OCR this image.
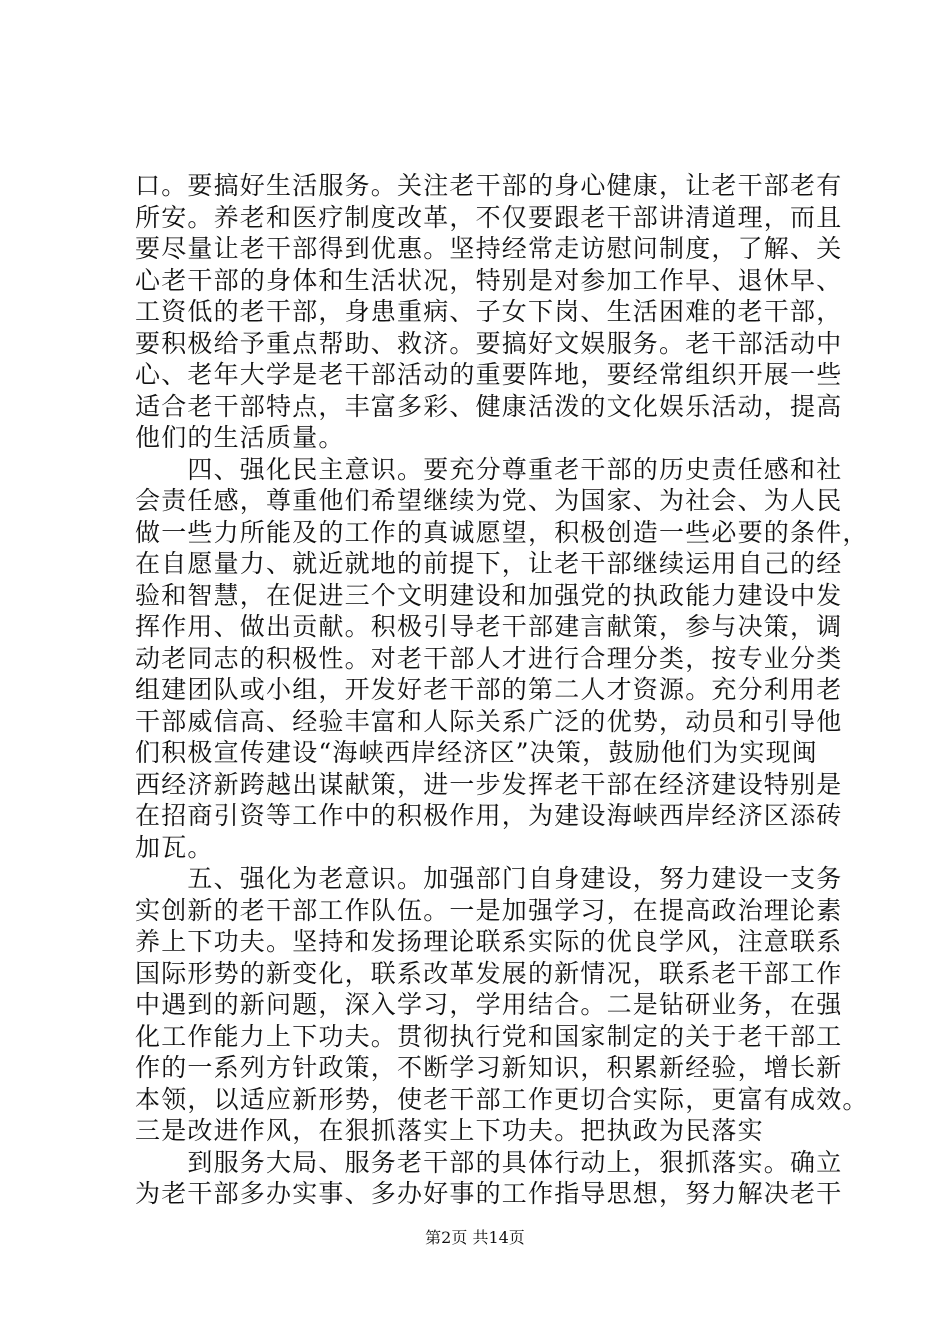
口。要搞好生活服务。关注老干部的身心健康，让老干部老有
所安。养老和医疗制度改革，不仅要跟老干部讲清道理，而且
要尽量让老干部得到优惠。坚持经常走访慰问制度，了解、关
心老干部的身体和生活状况，特别是对参加工作早、退休早、
工资低的老干部，身患重病、子女下岗、生活困难的老干部，
要积极给予重点帮助、救济。要搞好文娱服务。老干部活动中
心、老年大学是老干部活动的重要阵地，要经常组织开展一些
适合老干部特点，丰富多彩、健康活泼的文化娱乐活动，提高
他们的生活质量。
　　四、强化民主意识。要充分尊重老干部的历史责任感和社
会责任感，尊重他们希望继续为党、为国家、为社会、为人民
做一些力所能及的工作的真诚愿望，积极创造一些必要的条件，
在自愿量力、就近就地的前提下，让老干部继续运用自己的经
验和智慧，在促进三个文明建设和加强党的执政能力建设中发
挥作用、做出贡献。积极引导老干部建言献策，参与决策，调
动老同志的积极性。对老干部人才进行合理分类，按专业分类
组建团队或小组，开发好老干部的第二人才资源。充分利用老
干部威信高、经验丰富和人际关系广泛的优势，动员和引导他
们积极宣传建设“海峡西岸经济区”决策，鼓励他们为实现闽
西经济新跨越出谋献策，进一步发挥老干部在经济建设特别是
在招商引资等工作中的积极作用，为建设海峡西岸经济区添砖
加瓦。
　　五、强化为老意识。加强部门自身建设，努力建设一支务
实创新的老干部工作队伍。一是加强学习，在提高政治理论素
养上下功夫。坚持和发扬理论联系实际的优良学风，注意联系
国际形势的新变化，联系改革发展的新情况，联系老干部工作
中遇到的新问题，深入学习，学用结合。二是钻研业务，在强
化工作能力上下功夫。贯彻执行党和国家制定的关于老干部工
作的一系列方针政策，不断学习新知识，积累新经验，增长新
本领，以适应新形势，使老干部工作更切合实际，更富有成效。
三是改进作风，在狠抓落实上下功夫。把执政为民落实
　　到服务大局、服务老干部的具体行动上，狠抓落实。确立
为老干部多办实事、多办好事的工作指导思想，努力解决老干
第2页 共14页
